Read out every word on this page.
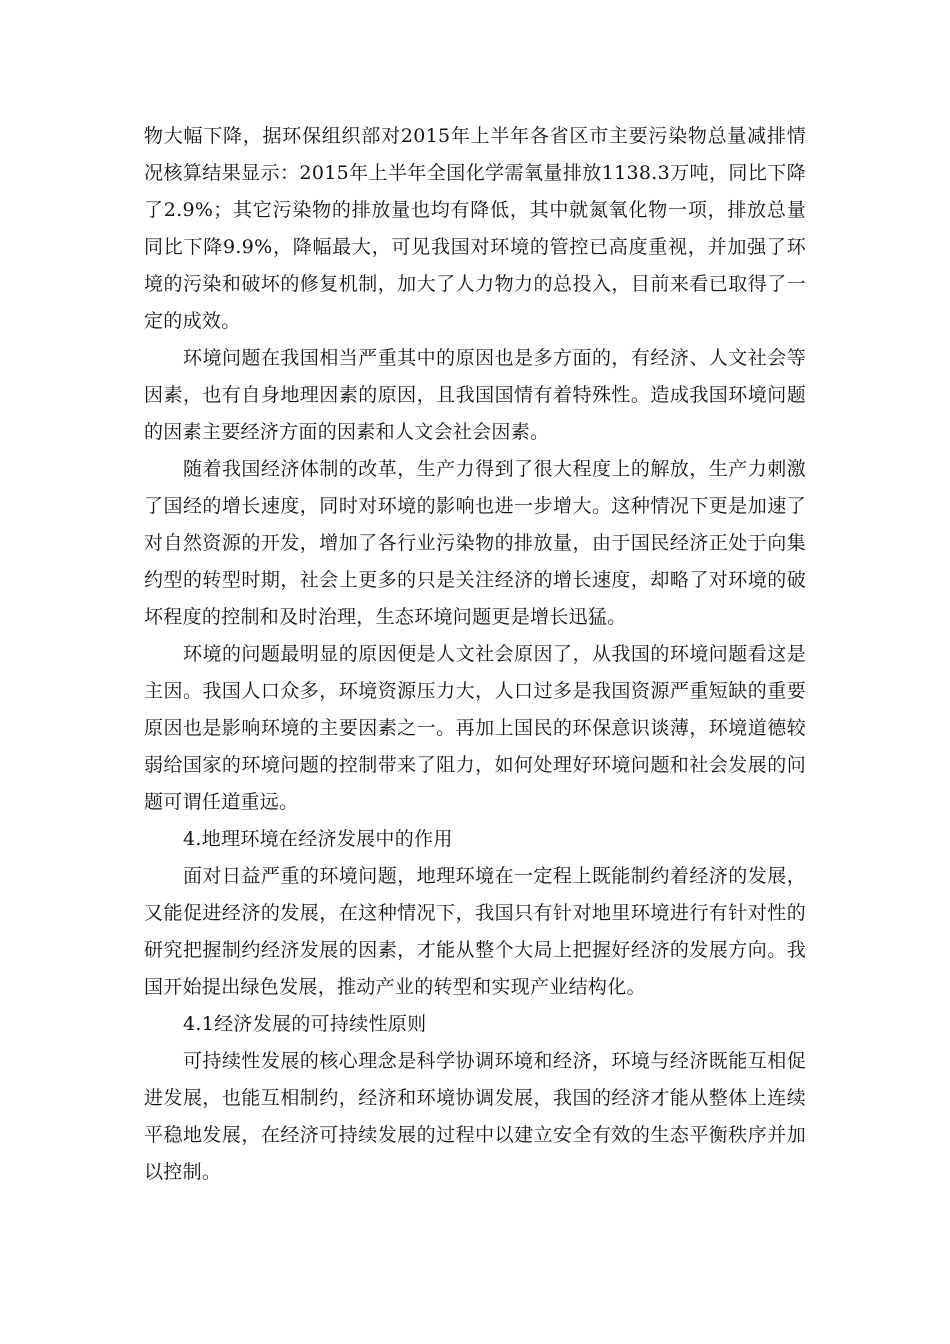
物大幅下降，据环保组织部对2015年上半年各省区市主要污染物总量减排情况核算结果显示：2015年上半年全国化学需氧量排放1138.3万吨，同比下降了2.9%；其它污染物的排放量也均有降低，其中就氮氧化物一项，排放总量同比下降9.9%，降幅最大，可见我国对环境的管控已高度重视，并加强了环境的污染和破坏的修复机制，加大了人力物力的总投入，目前来看已取得了一定的成效。

环境问题在我国相当严重其中的原因也是多方面的，有经济、人文社会等因素，也有自身地理因素的原因，且我国国情有着特殊性。造成我国环境问题的因素主要经济方面的因素和人文会社会因素。

随着我国经济体制的改革，生产力得到了很大程度上的解放，生产力刺激了国经的增长速度，同时对环境的影响也进一步增大。这种情况下更是加速了对自然资源的开发，增加了各行业污染物的排放量，由于国民经济正处于向集约型的转型时期，社会上更多的只是关注经济的增长速度，却略了对环境的破坏程度的控制和及时治理，生态环境问题更是增长迅猛。

环境的问题最明显的原因便是人文社会原因了，从我国的环境问题看这是主因。我国人口众多，环境资源压力大，人口过多是我国资源严重短缺的重要原因也是影响环境的主要因素之一。再加上国民的环保意识谈薄，环境道德较弱给国家的环境问题的控制带来了阻力，如何处理好环境问题和社会发展的问题可谓任道重远。

4.地理环境在经济发展中的作用

面对日益严重的环境问题，地理环境在一定程上既能制约着经济的发展，又能促进经济的发展，在这种情况下，我国只有针对地里环境进行有针对性的研究把握制约经济发展的因素，才能从整个大局上把握好经济的发展方向。我国开始提出绿色发展，推动产业的转型和实现产业结构化。

4.1经济发展的可持续性原则

可持续性发展的核心理念是科学协调环境和经济，环境与经济既能互相促进发展，也能互相制约，经济和环境协调发展，我国的经济才能从整体上连续平稳地发展，在经济可持续发展的过程中以建立安全有效的生态平衡秩序并加以控制。
